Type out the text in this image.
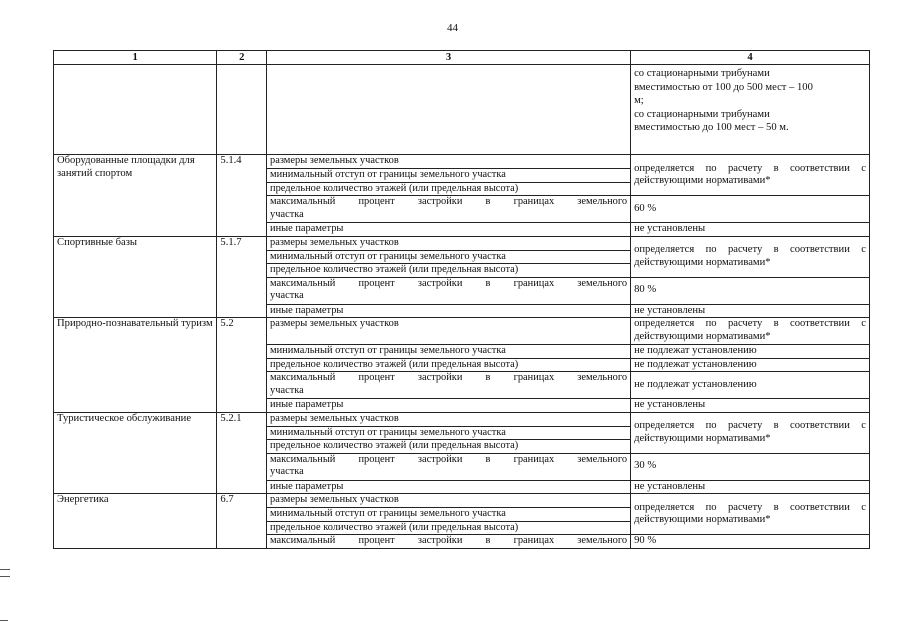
44
1	2	3	4

			со стационарными трибунами
вместимостью от 100 до 500 мест – 100
м;
со стационарными трибунами
вместимостью до 100 мест – 50 м.

Оборудованные площадки для занятий спортом	5.1.4	размеры земельных участков	определяется по расчету в соответствии с действующими нормативами*
		минимальный отступ от границы земельного участка	
		предельное количество этажей (или предельная высота)	

		максимальный процент застройки в границах земельного
участка	60 %
		иные параметры	не установлены
Спортивные базы	5.1.7	размеры земельных участков	определяется по расчету в соответствии с действующими нормативами*
		минимальный отступ от границы земельного участка	
		предельное количество этажей (или предельная высота)	

		максимальный процент застройки в границах земельного
участка	80 %
		иные параметры	не установлены
Природно-познавательный туризм	5.2	размеры земельных участков	определяется по расчету в соответствии с действующими нормативами*
		минимальный отступ от границы земельного участка	не подлежат установлению
		предельное количество этажей (или предельная высота)	не подлежат установлению

		максимальный процент застройки в границах земельного
участка	не подлежат установлению
		иные параметры	не установлены
Туристическое обслуживание	5.2.1	размеры земельных участков	определяется по расчету в соответствии с действующими нормативами*
		минимальный отступ от границы земельного участка	
		предельное количество этажей (или предельная высота)	

		максимальный процент застройки в границах земельного
участка	30 %
		иные параметры	не установлены
Энергетика	6.7	размеры земельных участков	определяется по расчету в соответствии с действующими нормативами*
		минимальный отступ от границы земельного участка	
		предельное количество этажей (или предельная высота)	

		максимальный процент застройки в границах земельного	90 %
